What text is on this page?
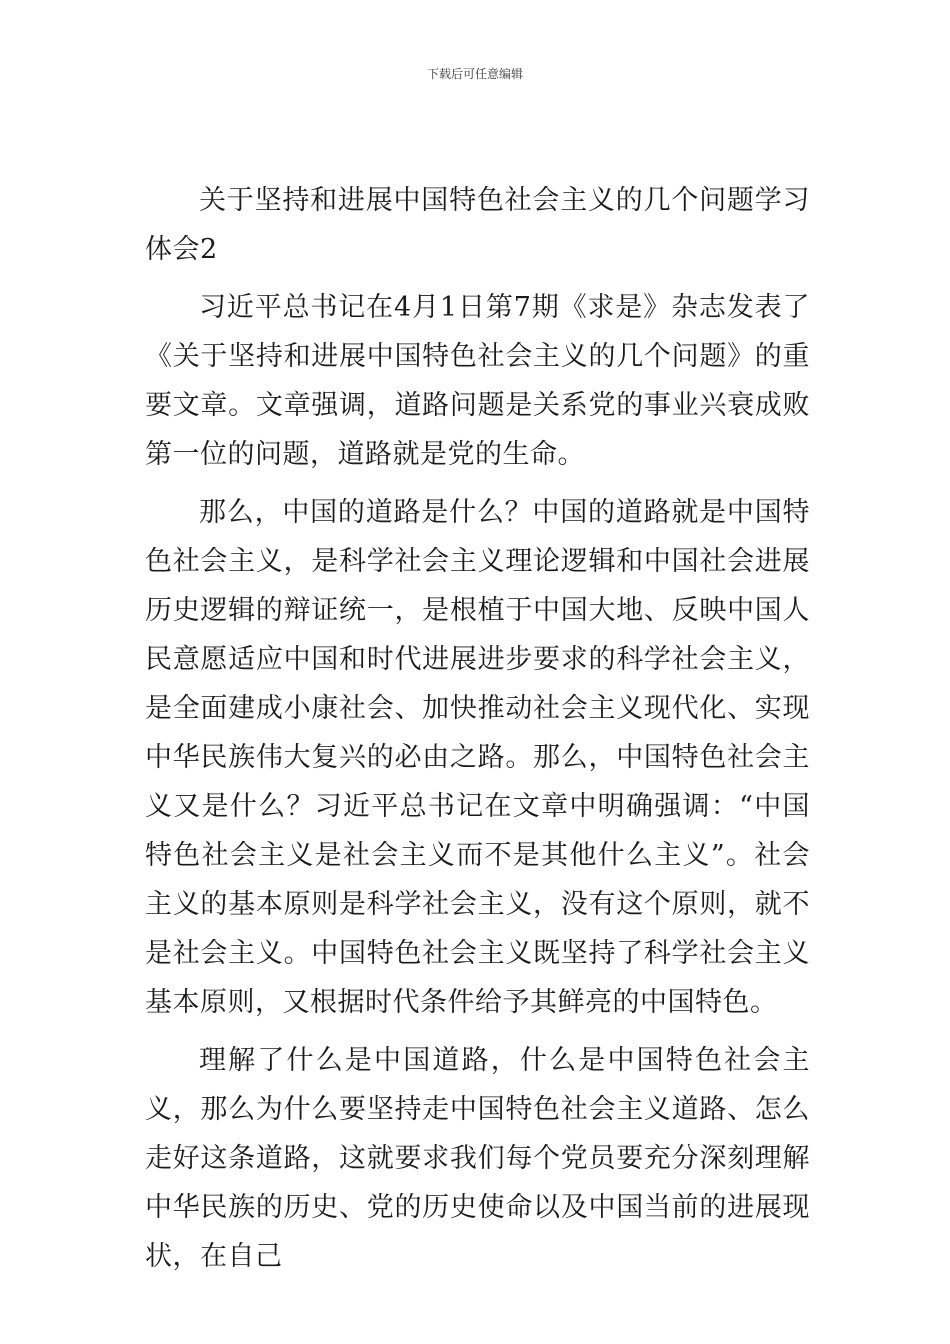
下载后可任意编辑

关于坚持和进展中国特色社会主义的几个问题学习体会2

习近平总书记在4月1日第7期《求是》杂志发表了《关于坚持和进展中国特色社会主义的几个问题》的重要文章。文章强调，道路问题是关系党的事业兴衰成败第一位的问题，道路就是党的生命。

那么，中国的道路是什么？中国的道路就是中国特色社会主义，是科学社会主义理论逻辑和中国社会进展历史逻辑的辩证统一，是根植于中国大地、反映中国人民意愿适应中国和时代进展进步要求的科学社会主义，是全面建成小康社会、加快推动社会主义现代化、实现中华民族伟大复兴的必由之路。那么，中国特色社会主义又是什么？习近平总书记在文章中明确强调：“中国特色社会主义是社会主义而不是其他什么主义”。社会主义的基本原则是科学社会主义，没有这个原则，就不是社会主义。中国特色社会主义既坚持了科学社会主义基本原则，又根据时代条件给予其鲜亮的中国特色。

理解了什么是中国道路，什么是中国特色社会主义，那么为什么要坚持走中国特色社会主义道路、怎么走好这条道路，这就要求我们每个党员要充分深刻理解中华民族的历史、党的历史使命以及中国当前的进展现状，在自己
